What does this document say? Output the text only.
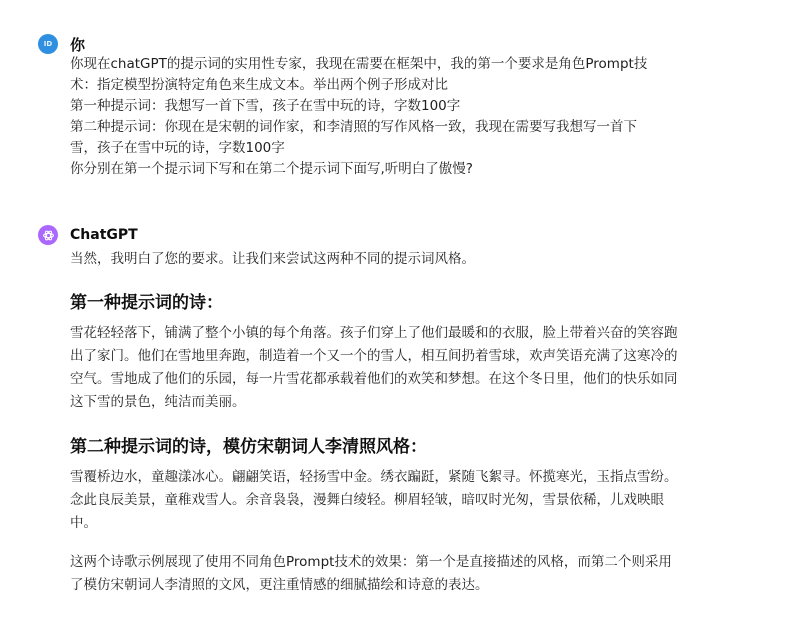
ID 你

你现在chatGPT的提示词的实用性专家，我现在需要在框架中，我的第一个要求是角色Prompt技

术：指定模型扮演特定角色来生成文本。举出两个例子形成对比

第一种提示词：我想写一首下雪，孩子在雪中玩的诗，字数100字

第二种提示词：你现在是宋朝的词作家，和李清照的写作风格一致，我现在需要写我想写一首下

雪，孩子在雪中玩的诗，字数100字

你分别在第一个提示词下写和在第二个提示词下面写,听明白了傲慢?

ChatGPT

当然，我明白了您的要求。让我们来尝试这两种不同的提示词风格。

第一种提示词的诗：

雪花轻轻落下，铺满了整个小镇的每个角落。孩子们穿上了他们最暖和的衣服，脸上带着兴奋的笑容跑出了家门。他们在雪地里奔跑，制造着一个又一个的雪人，相互间扔着雪球，欢声笑语充满了这寒冷的空气。雪地成了他们的乐园，每一片雪花都承载着他们的欢笑和梦想。在这个冬日里，他们的快乐如同这下雪的景色，纯洁而美丽。

第二种提示词的诗，模仿宋朝词人李清照风格：

雪覆桥边水，童趣漾冰心。翩翩笑语，轻扬雪中金。绣衣蹁跹，紧随飞絮寻。怀揽寒光，玉指点雪纷。念此良辰美景，童稚戏雪人。余音袅袅，漫舞白绫轻。柳眉轻皱，暗叹时光匆，雪景依稀，儿戏映眼中。

这两个诗歌示例展现了使用不同角色Prompt技术的效果：第一个是直接描述的风格，而第二个则采用了模仿宋朝词人李清照的文风，更注重情感的细腻描绘和诗意的表达。
